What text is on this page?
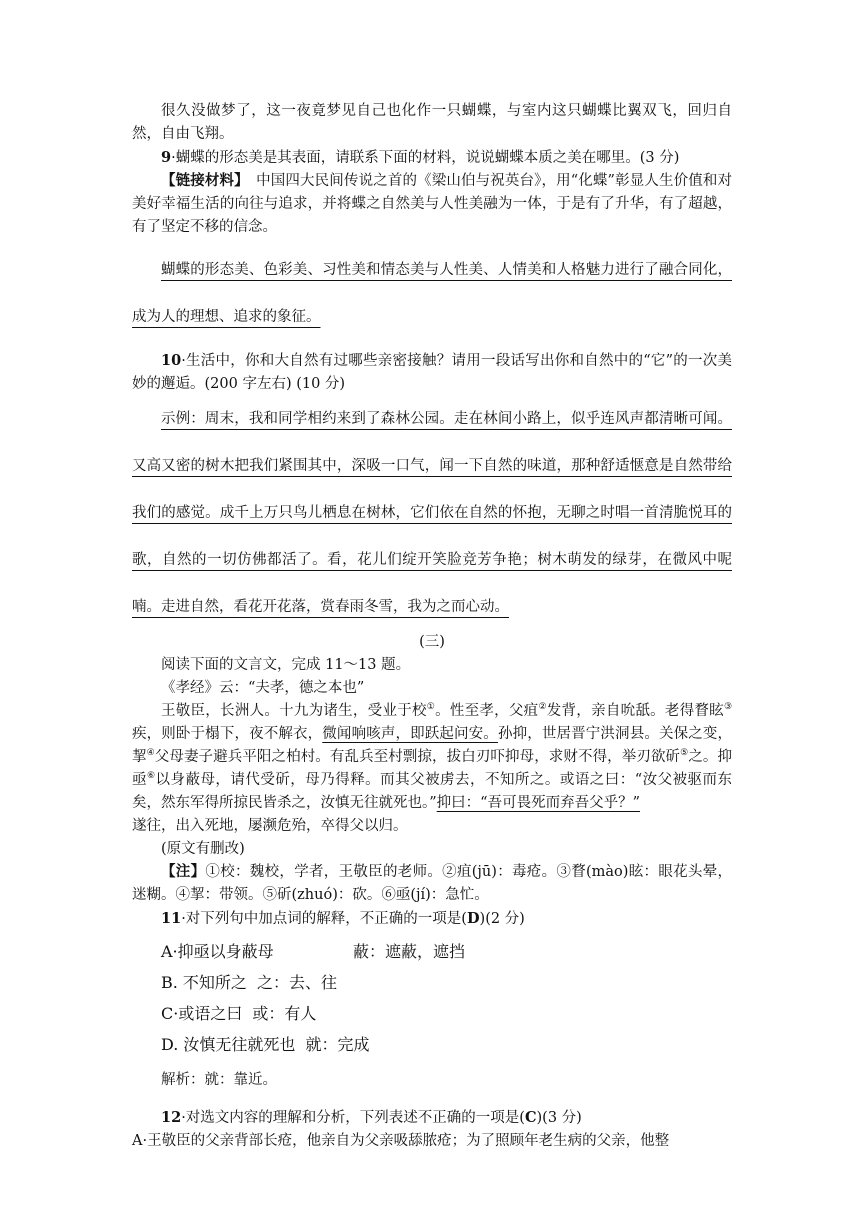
很久没做梦了，这一夜竟梦见自己也化作一只蝴蝶，与室内这只蝴蝶比翼双飞，回归自然，自由飞翔。

9·蝴蝶的形态美是其表面，请联系下面的材料，说说蝴蝶本质之美在哪里。(3 分)

【链接材料】　中国四大民间传说之首的《梁山伯与祝英台》，用“化蝶”彰显人生价值和对美好幸福生活的向往与追求，并将蝶之自然美与人性美融为一体，于是有了升华，有了超越，有了坚定不移的信念。

蝴蝶的形态美、色彩美、习性美和情态美与人性美、人情美和人格魅力进行了融合同化，成为人的理想、追求的象征。

10·生活中，你和大自然有过哪些亲密接触？请用一段话写出你和自然中的“它”的一次美妙的邂逅。(200 字左右) (10 分)

示例：周末，我和同学相约来到了森林公园。走在林间小路上，似乎连风声都清晰可闻。又高又密的树木把我们紧围其中，深吸一口气，闻一下自然的味道，那种舒适惬意是自然带给我们的感觉。成千上万只鸟儿栖息在树林，它们依在自然的怀抱，无聊之时唱一首清脆悦耳的歌，自然的一切仿佛都活了。看，花儿们绽开笑脸竞芳争艳；树木萌发的绿芽，在微风中呢喃。走进自然，看花开花落，赏春雨冬雪，我为之而心动。

(三)

阅读下面的文言文，完成 11～13 题。

《孝经》云：“夫孝，德之本也”

王敬臣，长洲人。十九为诸生，受业于校①。性至孝，父疽②发背，亲自吮舐。老得瞀眩③疾，则卧于榻下，夜不解衣，微闻响咳声，即跃起问安。孙抑，世居晋宁洪洞县。关保之变，挈④父母妻子避兵平阳之柏村。有乱兵至村剽掠，拔白刃吓抑母，求财不得，举刃欲斫⑤之。抑亟⑥以身蔽母，请代受斫，母乃得释。而其父被虏去，不知所之。或语之曰：“汝父被驱而东矣，然东军得所掠民皆杀之，汝慎无往就死也。”抑曰：“吾可畏死而弃吾父乎？”
遂往，出入死地，屡濒危殆，卒得父以归。

(原文有删改)

【注】①校：魏校，学者，王敬臣的老师。②疽(jū)：毒疮。③瞀(mào)眩：眼花头晕，迷糊。④挈：带领。⑤斫(zhuó)：砍。⑥亟(jí)：急忙。

11·对下列句中加点词的解释，不正确的一项是(D)(2 分)

A·抑亟以身蔽母	蔽：遮蔽，遮挡
B. 不知所之 之：去、往
C·或语之曰 或：有人
D. 汝慎无往就死也 就：完成

解析：就：靠近。

12·对选文内容的理解和分析，下列表述不正确的一项是(C)(3 分)

A·王敬臣的父亲背部长疮，他亲自为父亲吸舔脓疮；为了照顾年老生病的父亲，他整
